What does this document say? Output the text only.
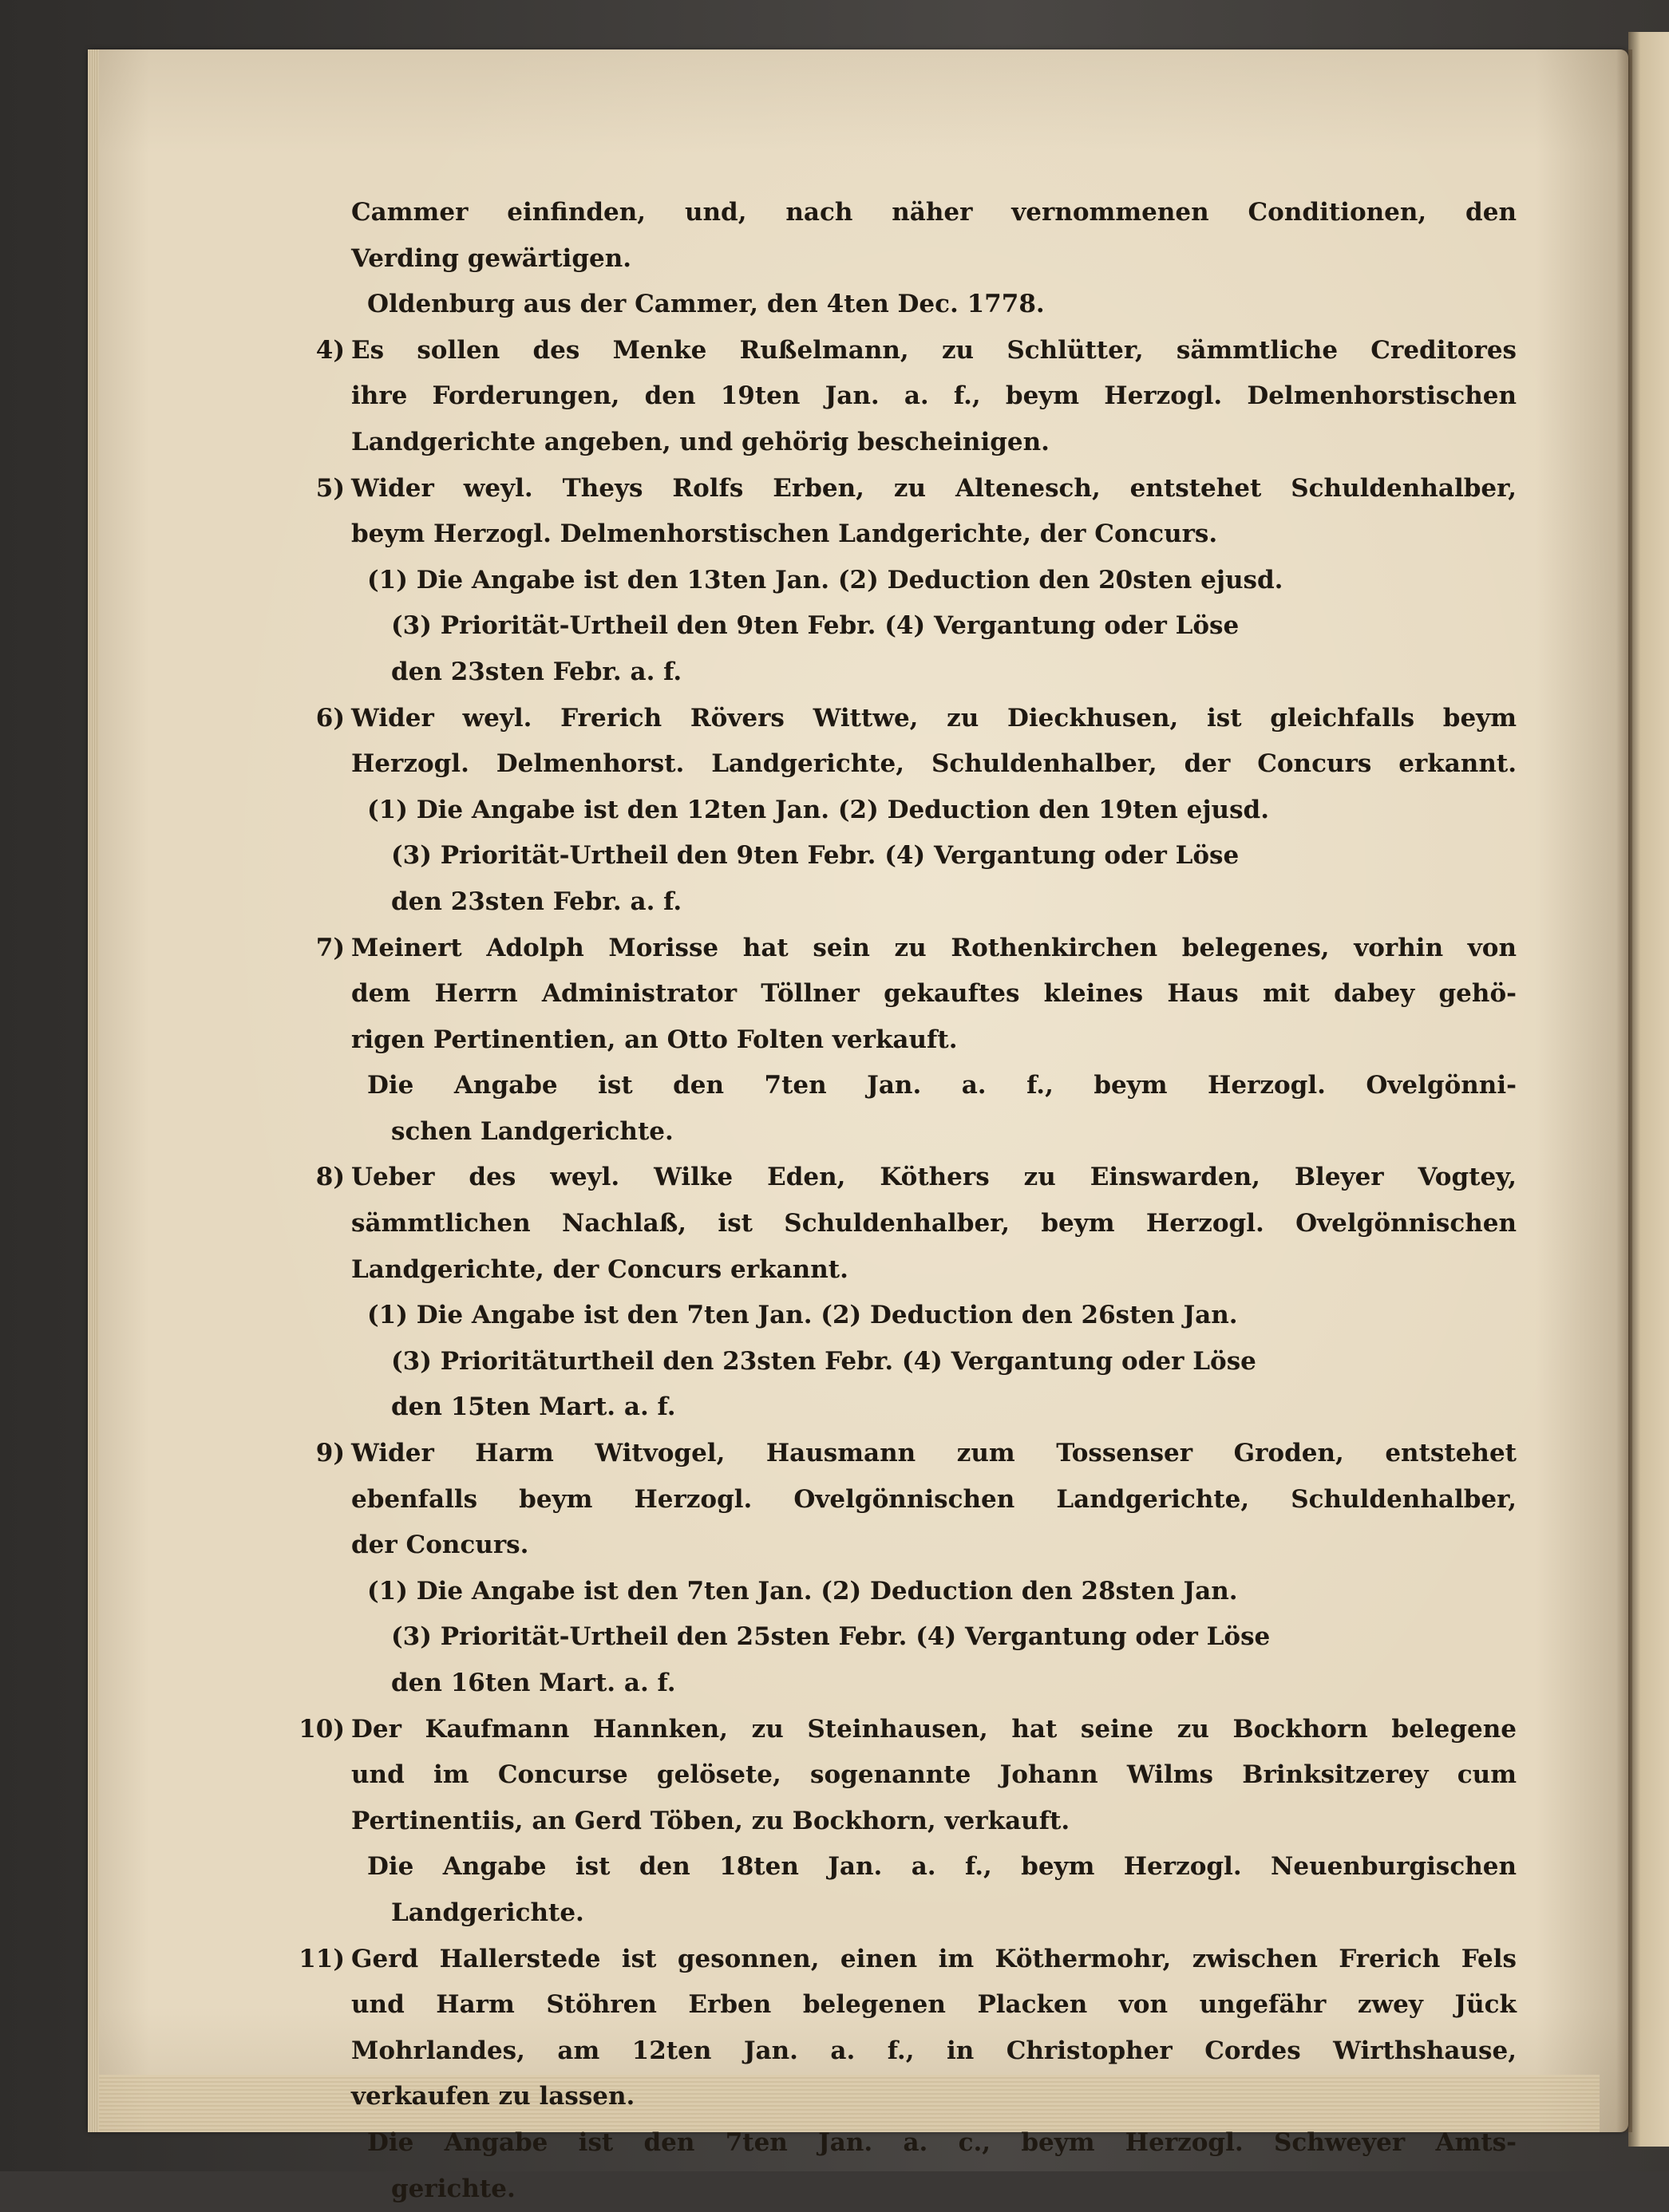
Cammer einfinden, und, nach näher vernommenen Conditionen, den
Verding gewärtigen.
Oldenburg aus der Cammer, den 4ten Dec. 1778.
4) Es sollen des Menke Rußelmann, zu Schlütter, sämmtliche Creditores
ihre Forderungen, den 19ten Jan. a. f., beym Herzogl. Delmenhorstischen
Landgerichte angeben, und gehörig bescheinigen.
5) Wider weyl. Theys Rolfs Erben, zu Altenesch, entstehet Schuldenhalber,
beym Herzogl. Delmenhorstischen Landgerichte, der Concurs.
(1) Die Angabe ist den 13ten Jan. (2) Deduction den 20sten ejusd.
(3) Priorität-Urtheil den 9ten Febr. (4) Vergantung oder Löse
den 23sten Febr. a. f.
6) Wider weyl. Frerich Rövers Wittwe, zu Dieckhusen, ist gleichfalls beym
Herzogl. Delmenhorst. Landgerichte, Schuldenhalber, der Concurs erkannt.
(1) Die Angabe ist den 12ten Jan. (2) Deduction den 19ten ejusd.
(3) Priorität-Urtheil den 9ten Febr. (4) Vergantung oder Löse
den 23sten Febr. a. f.
7) Meinert Adolph Morisse hat sein zu Rothenkirchen belegenes, vorhin von
dem Herrn Administrator Töllner gekauftes kleines Haus mit dabey gehö-
rigen Pertinentien, an Otto Folten verkauft.
Die Angabe ist den 7ten Jan. a. f., beym Herzogl. Ovelgönni-
schen Landgerichte.
8) Ueber des weyl. Wilke Eden, Köthers zu Einswarden, Bleyer Vogtey,
sämmtlichen Nachlaß, ist Schuldenhalber, beym Herzogl. Ovelgönnischen
Landgerichte, der Concurs erkannt.
(1) Die Angabe ist den 7ten Jan. (2) Deduction den 26sten Jan.
(3) Prioritäturtheil den 23sten Febr. (4) Vergantung oder Löse
den 15ten Mart. a. f.
9) Wider Harm Witvogel, Hausmann zum Tossenser Groden, entstehet
ebenfalls beym Herzogl. Ovelgönnischen Landgerichte, Schuldenhalber,
der Concurs.
(1) Die Angabe ist den 7ten Jan. (2) Deduction den 28sten Jan.
(3) Priorität-Urtheil den 25sten Febr. (4) Vergantung oder Löse
den 16ten Mart. a. f.
10) Der Kaufmann Hannken, zu Steinhausen, hat seine zu Bockhorn belegene
und im Concurse gelösete, sogenannte Johann Wilms Brinksitzerey cum
Pertinentiis, an Gerd Töben, zu Bockhorn, verkauft.
Die Angabe ist den 18ten Jan. a. f., beym Herzogl. Neuenburgischen
Landgerichte.
11) Gerd Hallerstede ist gesonnen, einen im Köthermohr, zwischen Frerich Fels
und Harm Stöhren Erben belegenen Placken von ungefähr zwey Jück
Mohrlandes, am 12ten Jan. a. f., in Christopher Cordes Wirthshause,
verkaufen zu lassen.
Die Angabe ist den 7ten Jan. a. c., beym Herzogl. Schweyer Amts-
gerichte.
